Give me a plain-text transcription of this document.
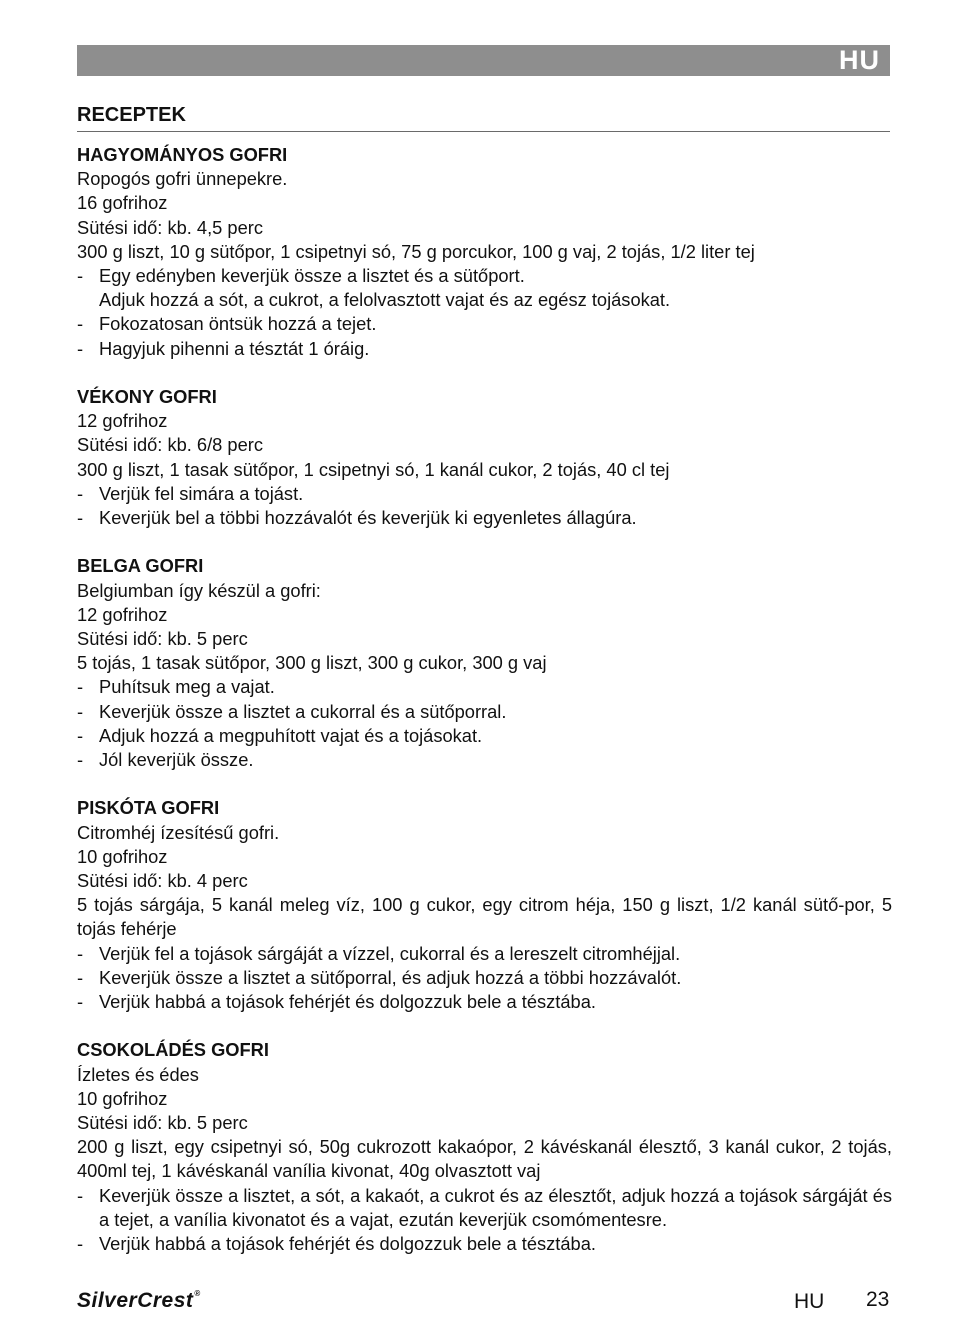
HU
RECEPTEK

HAGYOMÁNYOS GOFRI

Ropogós gofri ünnepekre.

16 gofrihoz

Sütési idő: kb. 4,5 perc

300 g liszt, 10 g sütőpor, 1 csipetnyi só, 75 g porcukor, 100 g vaj, 2 tojás, 1/2 liter tej

- Egy edényben keverjük össze a lisztet és a sütőport.
Adjuk hozzá a sót, a cukrot, a felolvasztott vajat és az egész tojásokat.
- Fokozatosan öntsük hozzá a tejet.
- Hagyjuk pihenni a tésztát 1 óráig.

VÉKONY GOFRI

12 gofrihoz

Sütési idő: kb. 6/8 perc

300 g liszt, 1 tasak sütőpor, 1 csipetnyi só, 1 kanál cukor, 2 tojás, 40 cl tej

- Verjük fel simára a tojást.
- Keverjük bel a többi hozzávalót és keverjük ki egyenletes állagúra.

BELGA GOFRI

Belgiumban így készül a gofri:

12 gofrihoz

Sütési idő: kb. 5 perc

5 tojás, 1 tasak sütőpor, 300 g liszt, 300 g cukor, 300 g vaj

- Puhítsuk meg a vajat.
- Keverjük össze a lisztet a cukorral és a sütőporral.
- Adjuk hozzá a megpuhított vajat és a tojásokat.
- Jól keverjük össze.

PISKÓTA GOFRI

Citromhéj ízesítésű gofri.

10 gofrihoz

Sütési idő: kb. 4 perc

5 tojás sárgája, 5 kanál meleg víz, 100 g cukor, egy citrom héja, 150 g liszt, 1/2 kanál sütő-por, 5 tojás fehérje

- Verjük fel a tojások sárgáját a vízzel, cukorral és a lereszelt citromhéjjal.
- Keverjük össze a lisztet a sütőporral, és adjuk hozzá a többi hozzávalót.
- Verjük habbá a tojások fehérjét és dolgozzuk bele a tésztába.

CSOKOLÁDÉS GOFRI

Ízletes és édes

10 gofrihoz

Sütési idő: kb. 5 perc

200 g liszt, egy csipetnyi só, 50g cukrozott kakaópor, 2 kávéskanál élesztő, 3 kanál cukor, 2 tojás, 400ml tej, 1 kávéskanál vanília kivonat, 40g olvasztott vaj

- Keverjük össze a lisztet, a sót, a kakaót, a cukrot és az élesztőt, adjuk hozzá a tojások sárgáját és a tejet, a vanília kivonatot és a vajat, ezután keverjük csomómentesre.
- Verjük habbá a tojások fehérjét és dolgozzuk bele a tésztába.
SilverCrest®	HU 23
